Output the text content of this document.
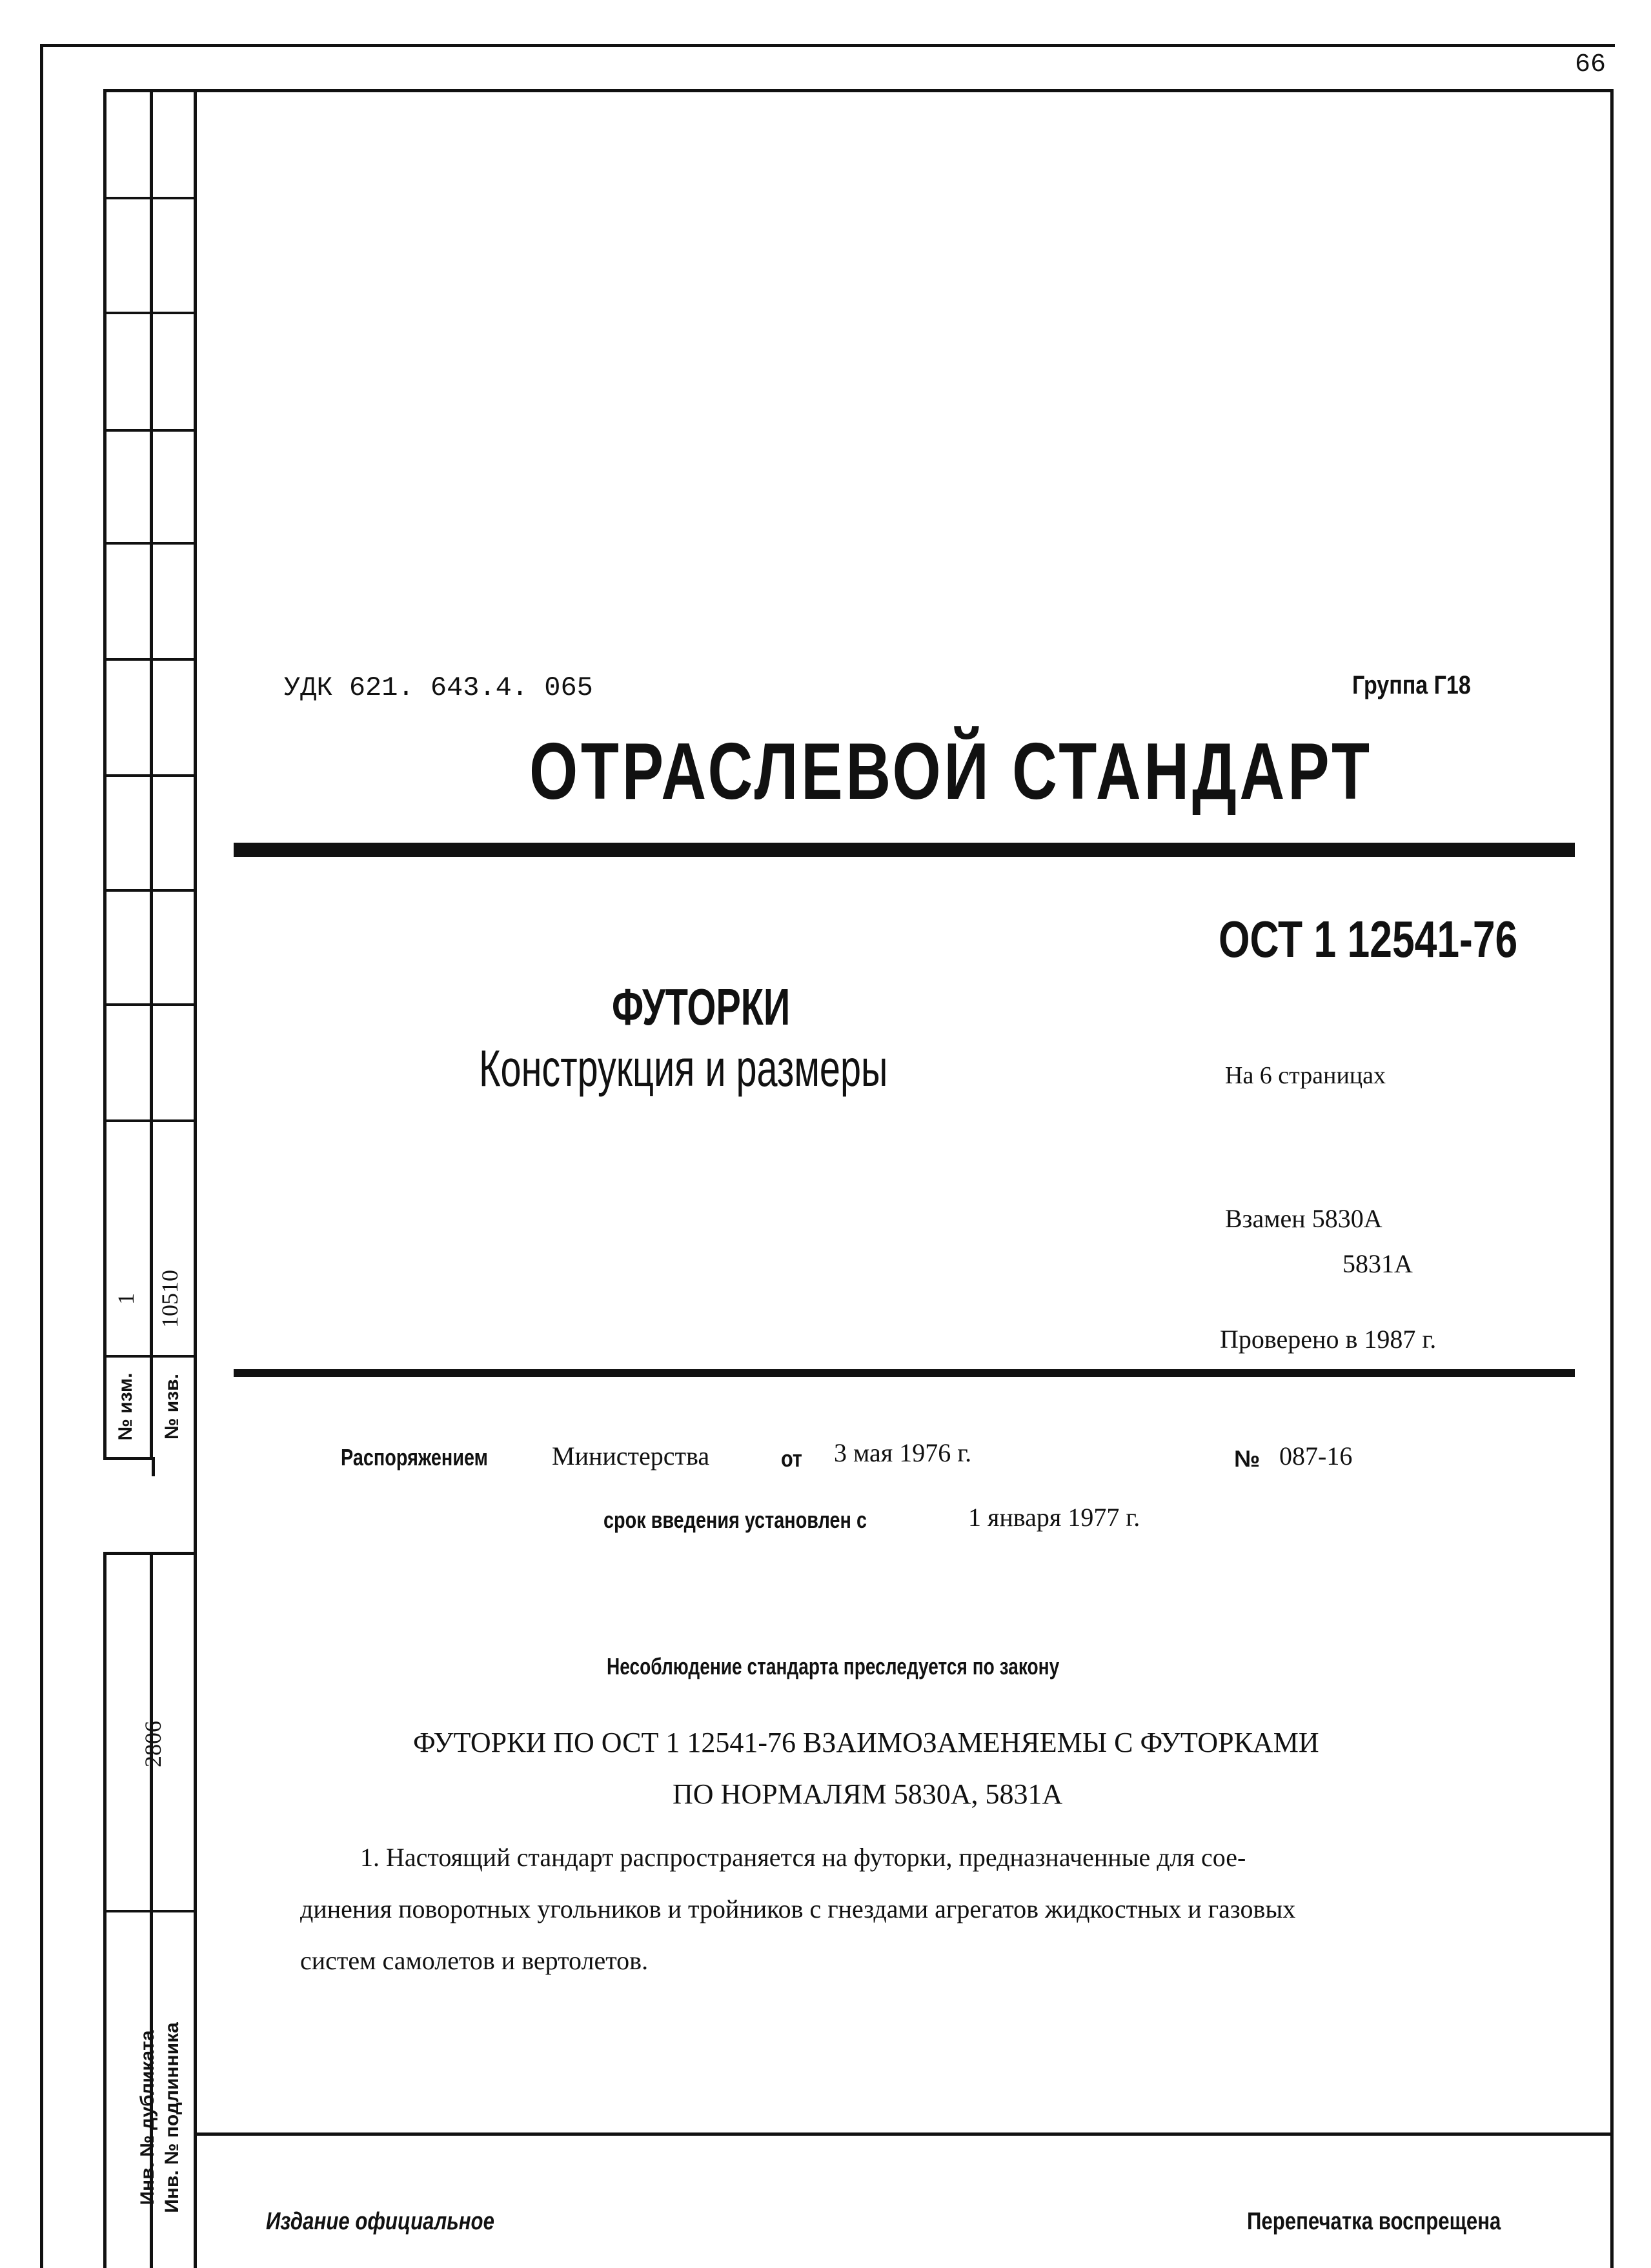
66
№ изм.
1
№ изв.
10510
Инв. № дубликата Инв. № подлинника
2806
УДК 621. 643.4. 065	Группа Г18
ОТРАСЛЕВОЙ СТАНДАРТ
ОСТ 1 12541-76
ФУТОРКИ
Конструкция и размеры	На 6 страницах
Взамен 5830А
5831А
Проверено в 1987 г.
Распоряжением	Министерства	от 3 мая 1976 г.	№ 087-16
срок введения установлен с	1 января 1977 г.
Несоблюдение стандарта преследуется по закону
ФУТОРКИ ПО ОСТ 1 12541-76 ВЗАИМОЗАМЕНЯЕМЫ С ФУТОРКАМИ
ПО НОРМАЛЯМ 5830А, 5831А
1. Настоящий стандарт распространяется на футорки, предназначенные для сое-
динения поворотных угольников и тройников с гнездами агрегатов жидкостных и газовых
систем самолетов и вертолетов.
Издание официальное	Перепечатка воспрещена
